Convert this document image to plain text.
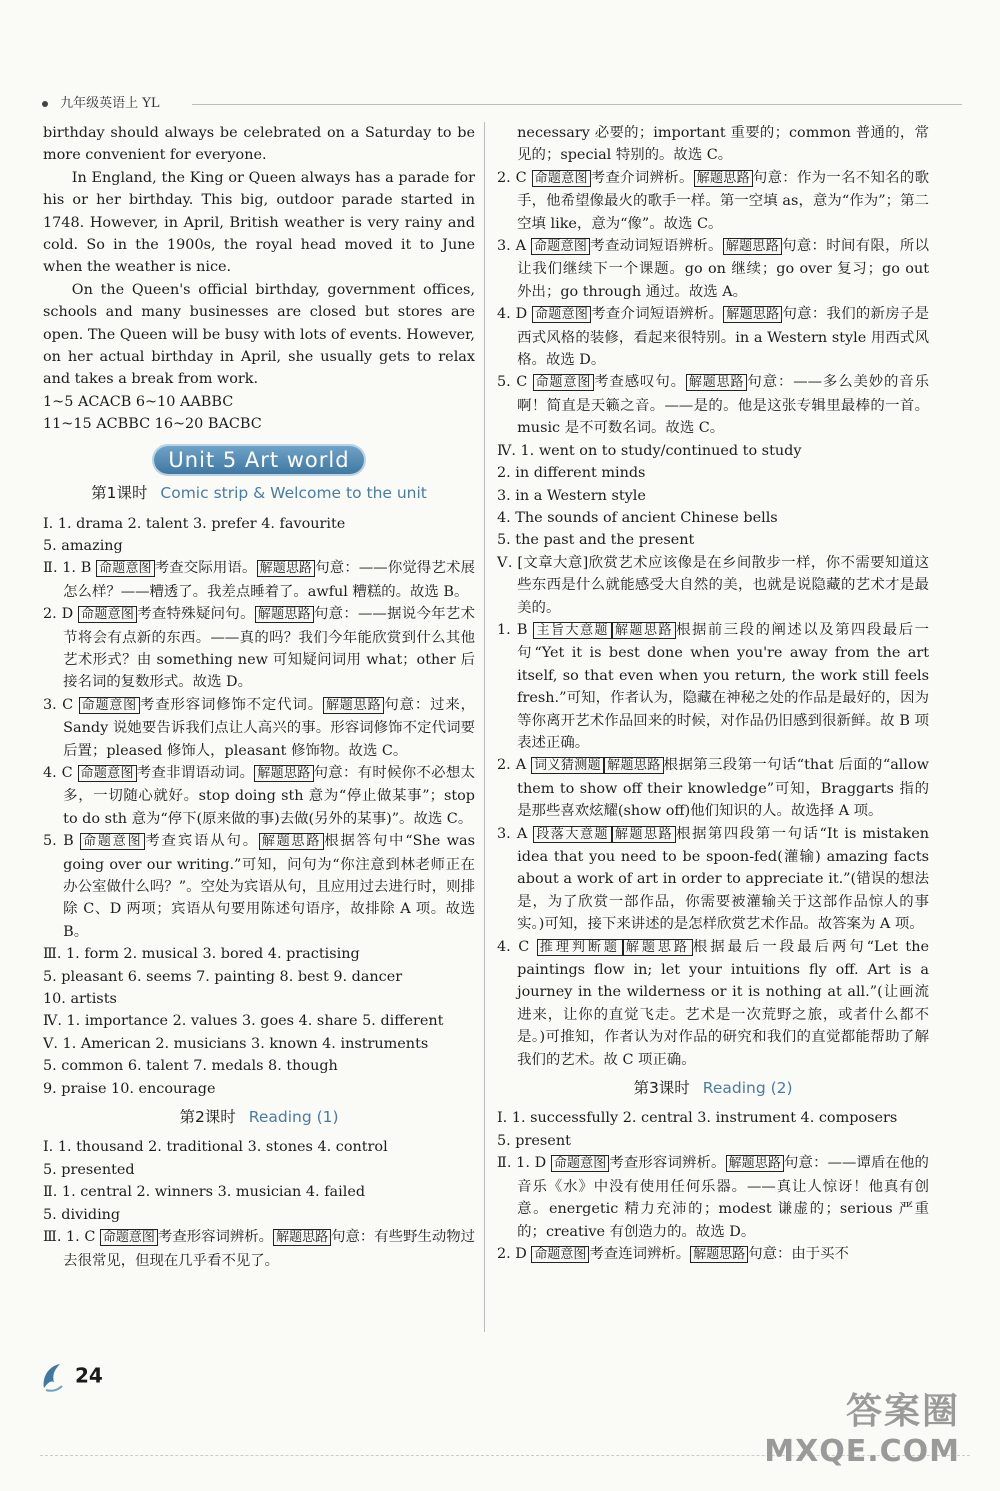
九年级英语上 YL

birthday should always be celebrated on a Saturday to be more convenient for everyone.

In England, the King or Queen always has a parade for his or her birthday. This big, outdoor parade started in 1748. However, in April, British weather is very rainy and cold. So in the 1900s, the royal head moved it to June when the weather is nice.

On the Queen's official birthday, government offices, schools and many businesses are closed but stores are open. The Queen will be busy with lots of events. However, on her actual birthday in April, she usually gets to relax and takes a break from work.

1~5 ACACB 6~10 AABBC

11~15 ACBBC 16~20 BACBC

Unit 5 Art world
第1课时 Comic strip & Welcome to the unit

Ⅰ. 1. drama 2. talent 3. prefer 4. favourite

5. amazing

Ⅱ. 1. B 命题意图 考查交际用语。 解题思路 句意：——你觉得艺术展怎么样？——糟透了。我差点睡着了。awful 糟糕的。故选 B。

2. D 命题意图 考查特殊疑问句。 解题思路 句意：——据说今年艺术节将会有点新的东西。——真的吗？我们今年能欣赏到什么其他艺术形式？由 something new 可知疑问词用 what；other 后接名词的复数形式。故选 D。

3. C 命题意图 考查形容词修饰不定代词。 解题思路 句意：过来，Sandy 说她要告诉我们点让人高兴的事。形容词修饰不定代词要后置；pleased 修饰人，pleasant 修饰物。故选 C。

4. C 命题意图 考查非谓语动词。 解题思路 句意：有时候你不必想太多，一切随心就好。stop doing sth 意为“停止做某事”；stop to do sth 意为“停下(原来做的事)去做(另外的某事)”。故选 C。

5. B 命题意图 考查宾语从句。 解题思路 根据答句中“She was going over our writing.”可知，问句为“你注意到林老师正在办公室做什么吗？”。空处为宾语从句，且应用过去进行时，则排除 C、D 两项；宾语从句要用陈述句语序，故排除 A 项。故选 B。

Ⅲ. 1. form 2. musical 3. bored 4. practising

5. pleasant 6. seems 7. painting 8. best 9. dancer

10. artists

Ⅳ. 1. importance 2. values 3. goes 4. share 5. different

Ⅴ. 1. American 2. musicians 3. known 4. instruments

5. common 6. talent 7. medals 8. though

9. praise 10. encourage

第2课时 Reading (1)

Ⅰ. 1. thousand 2. traditional 3. stones 4. control

5. presented

Ⅱ. 1. central 2. winners 3. musician 4. failed

5. dividing

Ⅲ. 1. C 命题意图 考查形容词辨析。 解题思路 句意：有些野生动物过去很常见，但现在几乎看不见了。

necessary 必要的；important 重要的；common 普通的，常见的；special 特别的。故选 C。

2. C 命题意图 考查介词辨析。 解题思路 句意：作为一名不知名的歌手，他希望像最火的歌手一样。第一空填 as，意为“作为”；第二空填 like，意为“像”。故选 C。

3. A 命题意图 考查动词短语辨析。 解题思路 句意：时间有限，所以让我们继续下一个课题。go on 继续；go over 复习；go out 外出；go through 通过。故选 A。

4. D 命题意图 考查介词短语辨析。 解题思路 句意：我们的新房子是西式风格的装修，看起来很特别。in a Western style 用西式风格。故选 D。

5. C 命题意图 考查感叹句。 解题思路 句意：——多么美妙的音乐啊！简直是天籁之音。——是的。他是这张专辑里最棒的一首。music 是不可数名词。故选 C。

Ⅳ. 1. went on to study/continued to study

2. in different minds

3. in a Western style

4. The sounds of ancient Chinese bells

5. the past and the present

Ⅴ. [文章大意]欣赏艺术应该像是在乡间散步一样，你不需要知道这些东西是什么就能感受大自然的美，也就是说隐藏的艺术才是最美的。

1. B 主旨大意题 解题思路 根据前三段的阐述以及第四段最后一句“Yet it is best done when you're away from the art itself, so that even when you return, the work still feels fresh.”可知，作者认为，隐藏在神秘之处的作品是最好的，因为等你离开艺术作品回来的时候，对作品仍旧感到很新鲜。故 B 项表述正确。

2. A 词义猜测题 解题思路 根据第三段第一句话“that 后面的“allow them to show off their knowledge”可知，Braggarts 指的是那些喜欢炫耀(show off)他们知识的人。故选择 A 项。

3. A 段落大意题 解题思路 根据第四段第一句话“It is mistaken idea that you need to be spoon-fed(灌输) amazing facts about a work of art in order to appreciate it.”(错误的想法是，为了欣赏一部作品，你需要被灌输关于这部作品惊人的事实。)可知，接下来讲述的是怎样欣赏艺术作品。故答案为 A 项。

4. C 推理判断题 解题思路 根据最后一段最后两句“Let the paintings flow in; let your intuitions fly off. Art is a journey in the wilderness or it is nothing at all.”(让画流进来，让你的直觉飞走。艺术是一次荒野之旅，或者什么都不是。)可推知，作者认为对作品的研究和我们的直觉都能帮助了解我们的艺术。故 C 项正确。

第3课时 Reading (2)

Ⅰ. 1. successfully 2. central 3. instrument 4. composers

5. present

Ⅱ. 1. D 命题意图 考查形容词辨析。 解题思路 句意：——谭盾在他的音乐《水》中没有使用任何乐器。——真让人惊讶！他真有创意。energetic 精力充沛的；modest 谦虚的；serious 严重的；creative 有创造力的。故选 D。

2. D 命题意图 考查连词辨析。 解题思路 句意：由于买不

24
答案圈
MXQE.COM
